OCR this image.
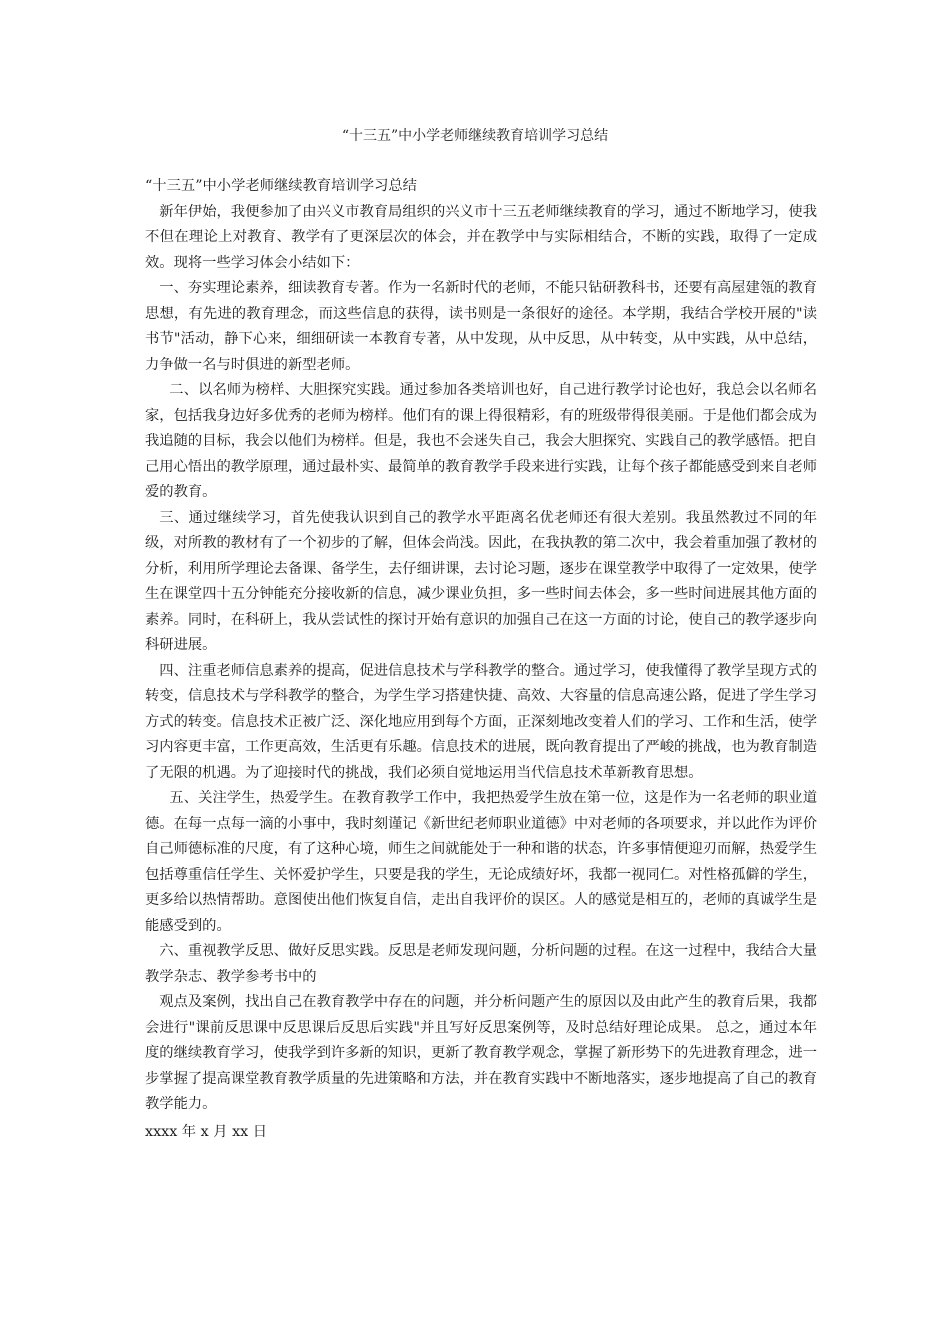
“十三五”中小学老师继续教育培训学习总结

“十三五”中小学老师继续教育培训学习总结

新年伊始，我便参加了由兴义市教育局组织的兴义市十三五老师继续教育的学习，通过不断地学习，使我不但在理论上对教育、教学有了更深层次的体会，并在教学中与实际相结合，不断的实践，取得了一定成效。现将一些学习体会小结如下：

一、夯实理论素养，细读教育专著。作为一名新时代的老师，不能只钻研教科书，还要有高屋建瓴的教育思想，有先进的教育理念，而这些信息的获得，读书则是一条很好的途径。本学期，我结合学校开展的"读书节"活动，静下心来，细细研读一本教育专著，从中发现，从中反思，从中转变，从中实践，从中总结，力争做一名与时俱进的新型老师。

二、以名师为榜样、大胆探究实践。通过参加各类培训也好，自己进行教学讨论也好，我总会以名师名家，包括我身边好多优秀的老师为榜样。他们有的课上得很精彩，有的班级带得很美丽。于是他们都会成为我追随的目标，我会以他们为榜样。但是，我也不会迷失自己，我会大胆探究、实践自己的教学感悟。把自己用心悟出的教学原理，通过最朴实、最简单的教育教学手段来进行实践，让每个孩子都能感受到来自老师爱的教育。

三、通过继续学习，首先使我认识到自己的教学水平距离名优老师还有很大差别。我虽然教过不同的年级，对所教的教材有了一个初步的了解，但体会尚浅。因此，在我执教的第二次中，我会着重加强了教材的分析，利用所学理论去备课、备学生，去仔细讲课，去讨论习题，逐步在课堂教学中取得了一定效果，使学生在课堂四十五分钟能充分接收新的信息，减少课业负担，多一些时间去体会，多一些时间进展其他方面的素养。同时，在科研上，我从尝试性的探讨开始有意识的加强自己在这一方面的讨论，使自己的教学逐步向科研进展。

四、注重老师信息素养的提高，促进信息技术与学科教学的整合。通过学习，使我懂得了教学呈现方式的转变，信息技术与学科教学的整合，为学生学习搭建快捷、高效、大容量的信息高速公路，促进了学生学习方式的转变。信息技术正被广泛、深化地应用到每个方面，正深刻地改变着人们的学习、工作和生活，使学习内容更丰富，工作更高效，生活更有乐趣。信息技术的进展，既向教育提出了严峻的挑战，也为教育制造了无限的机遇。为了迎接时代的挑战，我们必须自觉地运用当代信息技术革新教育思想。

五、关注学生，热爱学生。在教育教学工作中，我把热爱学生放在第一位，这是作为一名老师的职业道德。在每一点每一滴的小事中，我时刻谨记《新世纪老师职业道德》中对老师的各项要求，并以此作为评价自己师德标准的尺度，有了这种心境，师生之间就能处于一种和谐的状态，许多事情便迎刃而解，热爱学生包括尊重信任学生、关怀爱护学生，只要是我的学生，无论成绩好坏，我都一视同仁。对性格孤僻的学生，更多给以热情帮助。意图使出他们恢复自信，走出自我评价的误区。人的感觉是相互的，老师的真诚学生是能感受到的。

六、重视教学反思、做好反思实践。反思是老师发现问题，分析问题的过程。在这一过程中，我结合大量教学杂志、教学参考书中的

观点及案例，找出自己在教育教学中存在的问题，并分析问题产生的原因以及由此产生的教育后果，我都会进行"课前反思课中反思课后反思后实践"并且写好反思案例等，及时总结好理论成果。 总之，通过本年度的继续教育学习，使我学到许多新的知识，更新了教育教学观念，掌握了新形势下的先进教育理念，进一步掌握了提高课堂教育教学质量的先进策略和方法，并在教育实践中不断地落实，逐步地提高了自己的教育教学能力。

xxxx 年 x 月 xx 日
